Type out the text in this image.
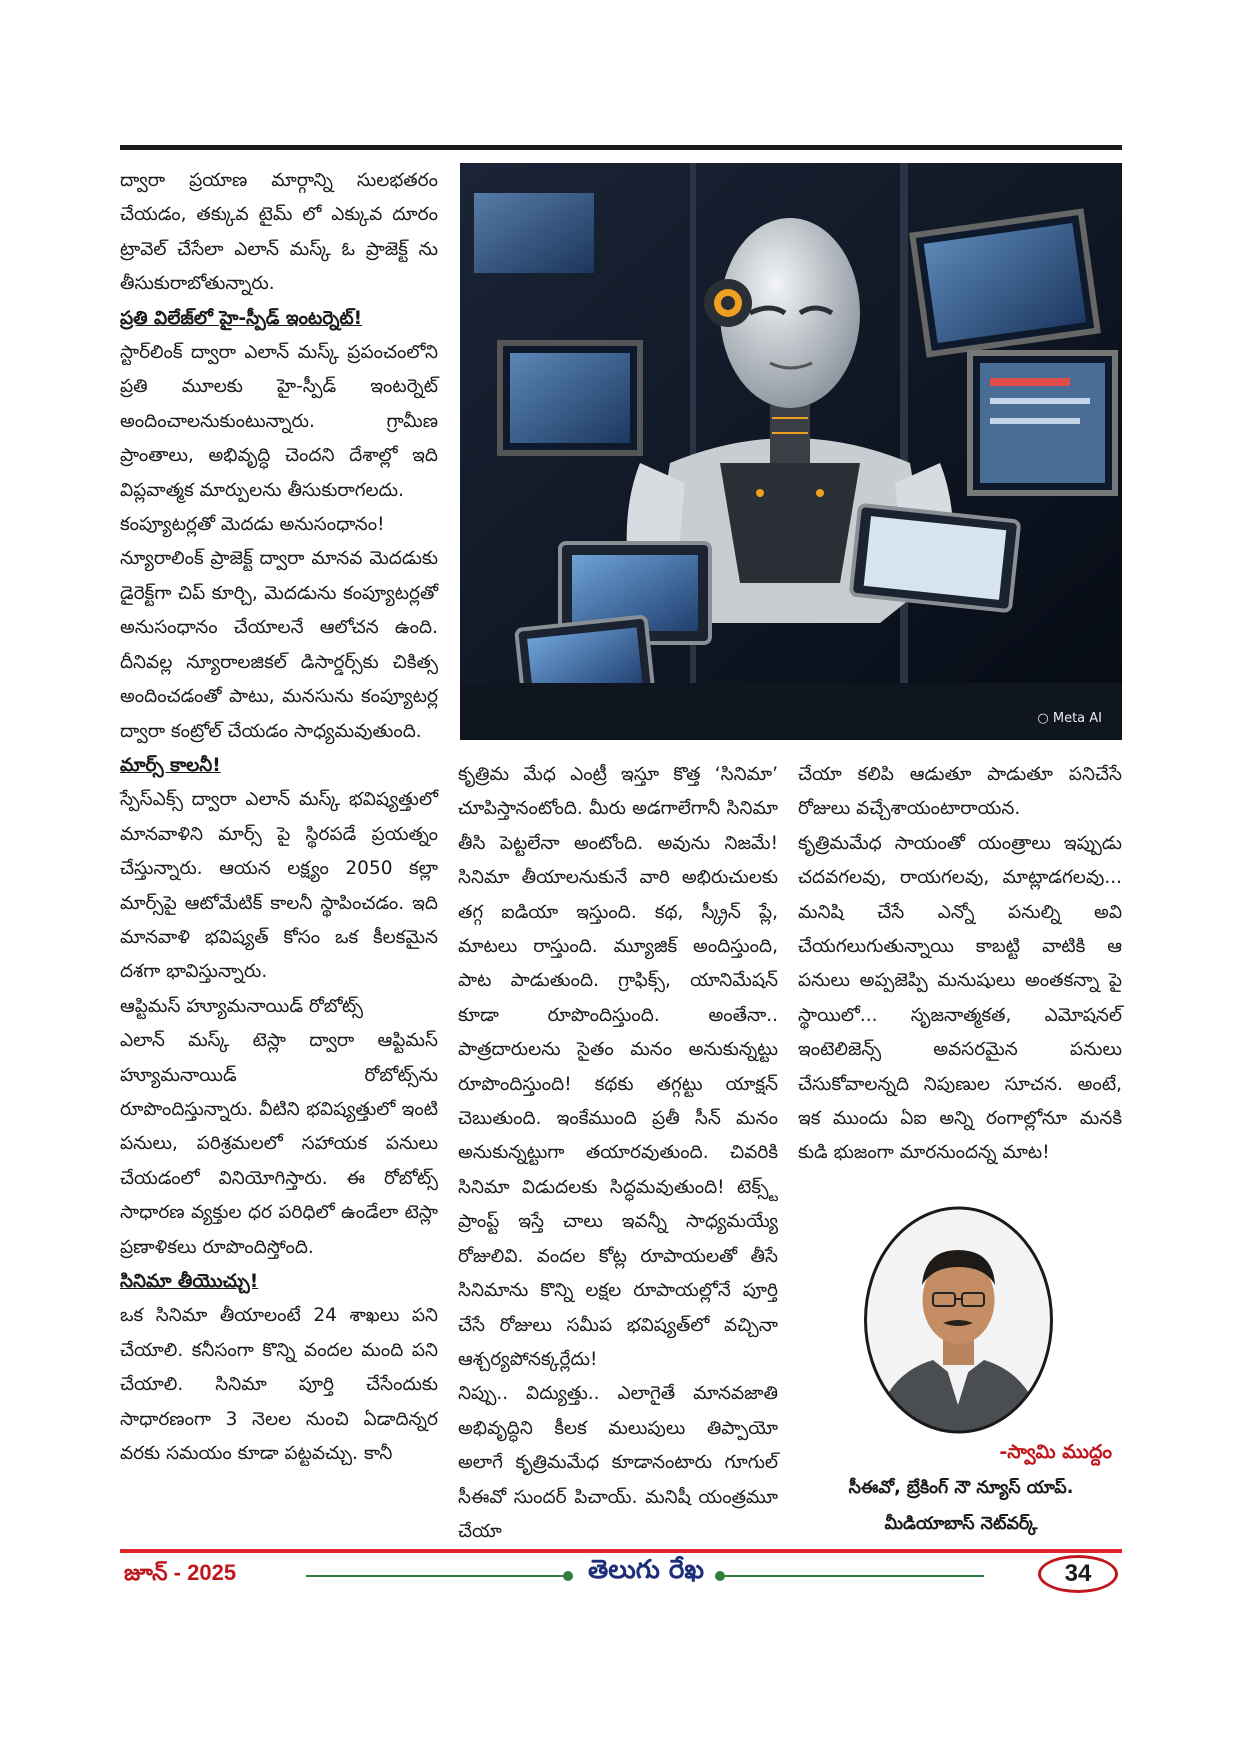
ద్వారా ప్రయాణ మార్గాన్ని సులభతరం చేయడం, తక్కువ టైమ్ లో ఎక్కువ దూరం ట్రావెల్ చేసేలా ఎలాన్ మస్క్ ఓ ప్రాజెక్ట్ ను తీసుకురాబోతున్నారు.

ప్రతి విలేజ్‌లో హై-స్పీడ్ ఇంటర్నెట్!

స్టార్‌లింక్ ద్వారా ఎలాన్ మస్క్ ప్రపంచంలోని ప్రతి మూలకు హై-స్పీడ్ ఇంటర్నెట్ అందించాలనుకుంటున్నారు. గ్రామీణ ప్రాంతాలు, అభివృద్ధి చెందని దేశాల్లో ఇది విప్లవాత్మక మార్పులను తీసుకురాగలదు.

కంప్యూటర్లతో మెదడు అనుసంధానం!

న్యూరాలింక్ ప్రాజెక్ట్ ద్వారా మానవ మెదడుకు డైరెక్ట్‌గా చిప్ కూర్చి, మెదడును కంప్యూటర్లతో అనుసంధానం చేయాలనే ఆలోచన ఉంది. దీనివల్ల న్యూరాలజికల్ డిసార్డర్స్‌కు చికిత్స అందించడంతో పాటు, మనసును కంప్యూటర్ల ద్వారా కంట్రోల్ చేయడం సాధ్యమవుతుంది.

మార్స్ కాలనీ!

స్పేస్‌ఎక్స్ ద్వారా ఎలాన్ మస్క్ భవిష్యత్తులో మానవాళిని మార్స్ పై స్థిరపడే ప్రయత్నం చేస్తున్నారు. ఆయన లక్ష్యం 2050 కల్లా మార్స్‌పై ఆటోమేటిక్ కాలనీ స్థాపించడం. ఇది మానవాళి భవిష్యత్ కోసం ఒక కీలకమైన దశగా భావిస్తున్నారు.

ఆప్టిమస్ హ్యూమనాయిడ్ రోబోట్స్

ఎలాన్ మస్క్ టెస్లా ద్వారా ఆప్టిమస్ హ్యూమనాయిడ్ రోబోట్స్‌ను రూపొందిస్తున్నారు. వీటిని భవిష్యత్తులో ఇంటి పనులు, పరిశ్రమలలో సహాయక పనులు చేయడంలో వినియోగిస్తారు. ఈ రోబోట్స్ సాధారణ వ్యక్తుల ధర పరిధిలో ఉండేలా టెస్లా ప్రణాళికలు రూపొందిస్తోంది.

సినిమా తీయొచ్చు!

ఒక సినిమా తీయాలంటే 24 శాఖలు పని చేయాలి. కనీసంగా కొన్ని వందల మంది పని చేయాలి. సినిమా పూర్తి చేసేందుకు సాధారణంగా 3 నెలల నుంచి ఏడాదిన్నర వరకు సమయం కూడా పట్టవచ్చు. కానీ

○ Meta AI

కృత్రిమ మేధ ఎంట్రీ ఇస్తూ కొత్త ‘సినిమా’ చూపిస్తానంటోంది. మీరు అడగాలేగానీ సినిమా తీసి పెట్టలేనా అంటోంది. అవును నిజమే! సినిమా తీయాలనుకునే వారి అభిరుచులకు తగ్గ ఐడియా ఇస్తుంది. కథ, స్క్రీన్ ప్లే, మాటలు రాస్తుంది. మ్యూజిక్ అందిస్తుంది, పాట పాడుతుంది. గ్రాఫిక్స్, యానిమేషన్ కూడా రూపొందిస్తుంది. అంతేనా.. పాత్రదారులను సైతం మనం అనుకున్నట్టు రూపొందిస్తుంది! కథకు తగ్గట్టు యాక్షన్ చెబుతుంది. ఇంకేముంది ప్రతీ సీన్ మనం అనుకున్నట్టుగా తయారవుతుంది. చివరికి సినిమా విడుదలకు సిద్ధమవుతుంది! టెక్స్ట్ ప్రాంప్ట్ ఇస్తే చాలు ఇవన్నీ సాధ్యమయ్యే రోజులివి. వందల కోట్ల రూపాయలతో తీసే సినిమాను కొన్ని లక్షల రూపాయల్లోనే పూర్తి చేసే రోజులు సమీప భవిష్యత్‌లో వచ్చినా ఆశ్చర్యపోనక్కర్లేదు!

నిప్పు.. విద్యుత్తు.. ఎలాగైతే మానవజాతి అభివృద్ధిని కీలక మలుపులు తిప్పాయో అలాగే కృత్రిమమేధ కూడానంటారు గూగుల్ సీఈవో సుందర్ పిచాయ్. మనిషీ యంత్రమూ చేయా

చేయా కలిపి ఆడుతూ పాడుతూ పనిచేసే రోజులు వచ్చేశాయంటారాయన.

కృత్రిమమేధ సాయంతో యంత్రాలు ఇప్పుడు చదవగలవు, రాయగలవు, మాట్లాడగలవు... మనిషి చేసే ఎన్నో పనుల్ని అవి చేయగలుగుతున్నాయి కాబట్టి వాటికి ఆ పనులు అప్పజెప్పి మనుషులు అంతకన్నా పై స్థాయిలో... సృజనాత్మకత, ఎమోషనల్ ఇంటెలిజెన్స్ అవసరమైన పనులు చేసుకోవాలన్నది నిపుణుల సూచన. అంటే, ఇక ముందు ఏఐ అన్ని రంగాల్లోనూ మనకి కుడి భుజంగా మారనుందన్న మాట!

-స్వామి ముద్దం
సీఈవో, బ్రేకింగ్ నౌ న్యూస్ యాప్.
మీడియాబాస్ నెట్‌వర్క్
జూన్ - 2025	తెలుగు రేఖ	34
